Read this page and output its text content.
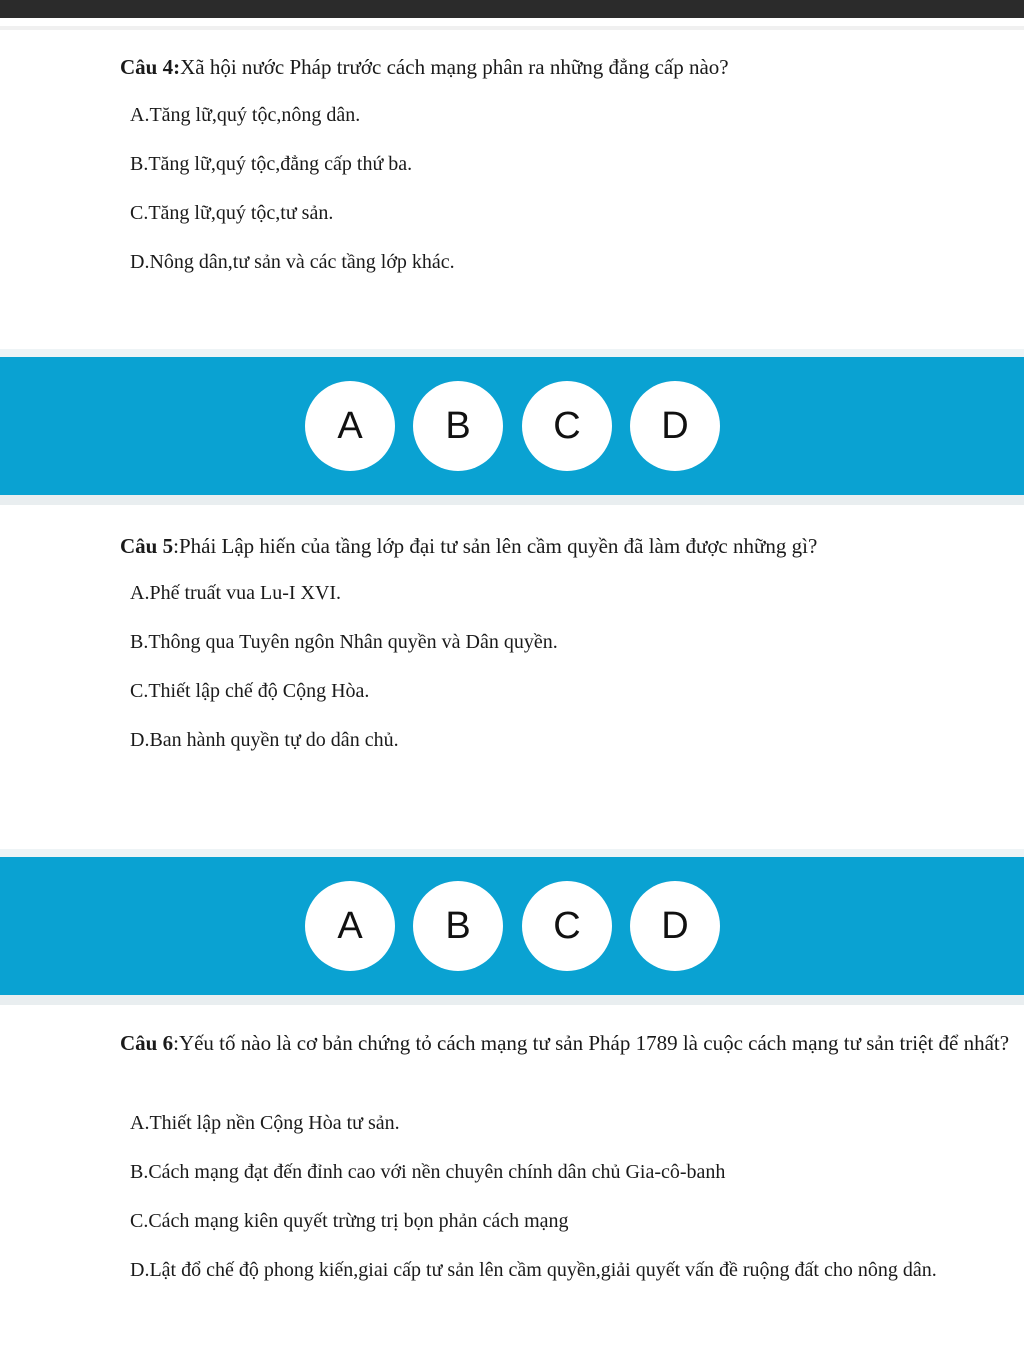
Câu 4:Xã hội nước Pháp trước cách mạng phân ra những đẳng cấp nào?
A.Tăng lữ,quý tộc,nông dân.
B.Tăng lữ,quý tộc,đẳng cấp thứ ba.
C.Tăng lữ,quý tộc,tư sản.
D.Nông dân,tư sản và các tầng lớp khác.
A	B	C	D
Câu 5:Phái Lập hiến của tầng lớp đại tư sản lên cầm quyền đã làm được những gì?
A.Phế truất vua Lu-I XVI.
B.Thông qua Tuyên ngôn Nhân quyền và Dân quyền.
C.Thiết lập chế độ Cộng Hòa.
D.Ban hành quyền tự do dân chủ.
A	B	C	D
Câu 6:Yếu tố nào là cơ bản chứng tỏ cách mạng tư sản Pháp 1789 là cuộc cách mạng tư sản triệt để nhất?
A.Thiết lập nền Cộng Hòa tư sản.
B.Cách mạng đạt đến đỉnh cao với nền chuyên chính dân chủ Gia-cô-banh
C.Cách mạng kiên quyết trừng trị bọn phản cách mạng
D.Lật đổ chế độ phong kiến,giai cấp tư sản lên cầm quyền,giải quyết vấn đề ruộng đất cho nông dân.
